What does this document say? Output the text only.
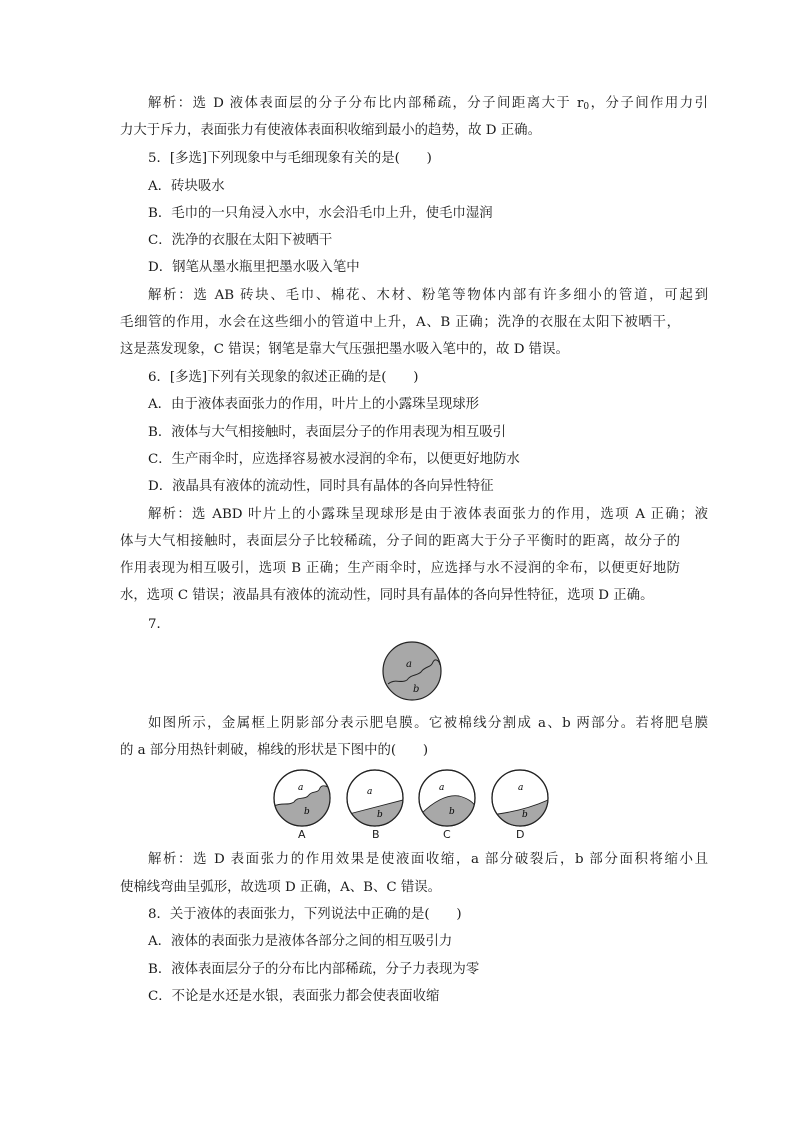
解析：选 D 液体表面层的分子分布比内部稀疏，分子间距离大于 $r_0$，分子间作用力引
力大于斥力，表面张力有使液体表面积收缩到最小的趋势，故 D 正确。
5．[多选]下列现象中与毛细现象有关的是(　　)
A．砖块吸水
B．毛巾的一只角浸入水中，水会沿毛巾上升，使毛巾湿润
C．洗净的衣服在太阳下被晒干
D．钢笔从墨水瓶里把墨水吸入笔中
解析：选 AB 砖块、毛巾、棉花、木材、粉笔等物体内部有许多细小的管道，可起到
毛细管的作用，水会在这些细小的管道中上升，A、B 正确；洗净的衣服在太阳下被晒干，
这是蒸发现象，C 错误；钢笔是靠大气压强把墨水吸入笔中的，故 D 错误。
6．[多选]下列有关现象的叙述正确的是(　　)
A．由于液体表面张力的作用，叶片上的小露珠呈现球形
B．液体与大气相接触时，表面层分子的作用表现为相互吸引
C．生产雨伞时，应选择容易被水浸润的伞布，以便更好地防水
D．液晶具有液体的流动性，同时具有晶体的各向异性特征
解析：选 ABD 叶片上的小露珠呈现球形是由于液体表面张力的作用，选项 A 正确；液
体与大气相接触时，表面层分子比较稀疏，分子间的距离大于分子平衡时的距离，故分子的
作用表现为相互吸引，选项 B 正确；生产雨伞时，应选择与水不浸润的伞布，以便更好地防
水，选项 C 错误；液晶具有液体的流动性，同时具有晶体的各向异性特征，选项 D 正确。
7．
a
b
如图所示，金属框上阴影部分表示肥皂膜。它被棉线分割成 a、b 两部分。若将肥皂膜
的 a 部分用热针刺破，棉线的形状是下图中的(　　)
a
b
A
a
b
B
a
b
C
a
b
D
解析：选 D 表面张力的作用效果是使液面收缩，a 部分破裂后，b 部分面积将缩小且
使棉线弯曲呈弧形，故选项 D 正确，A、B、C 错误。
8．关于液体的表面张力，下列说法中正确的是(　　)
A．液体的表面张力是液体各部分之间的相互吸引力
B．液体表面层分子的分布比内部稀疏，分子力表现为零
C．不论是水还是水银，表面张力都会使表面收缩
